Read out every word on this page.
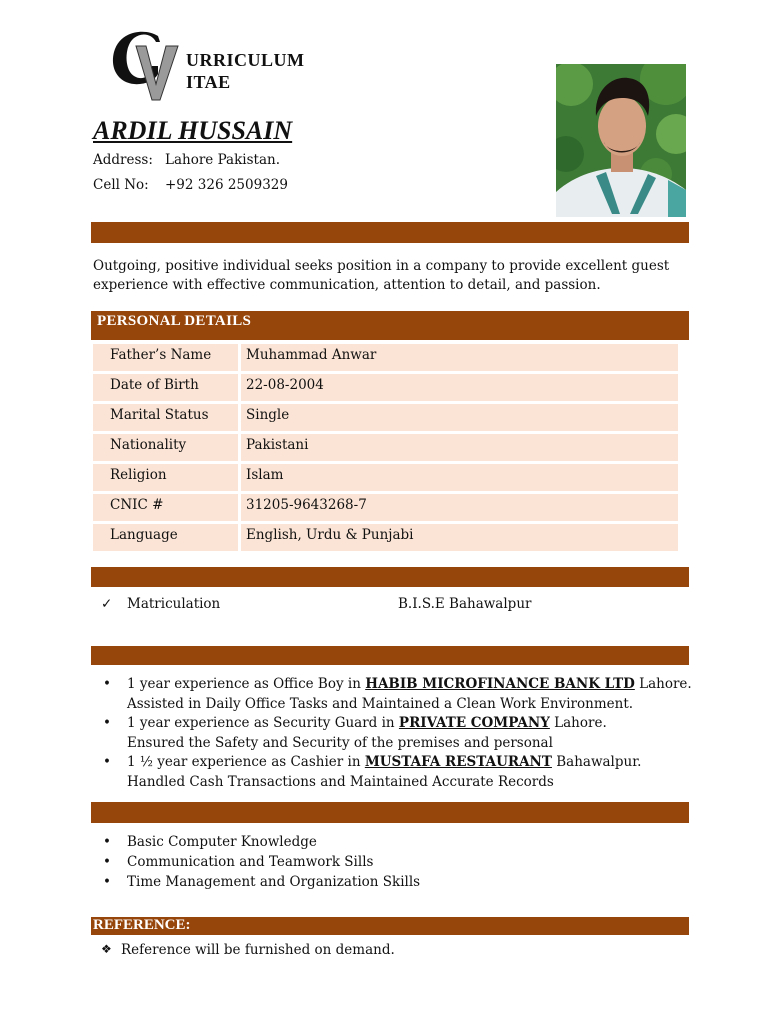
URRICULUM
ITAE
ARDIL HUSSAIN
Address: Lahore Pakistan.
Cell No: +92 326 2509329
Outgoing, positive individual seeks position in a company to provide excellent guest experience with effective communication, attention to detail, and passion.
PERSONAL DETAILS
Father’s Name	Muhammad Anwar
Date of Birth	22-08-2004
Marital Status	Single
Nationality	Pakistani
Religion	Islam
CNIC #	31205-9643268-7
Language	English, Urdu & Punjabi
✓ Matriculation	B.I.S.E Bahawalpur
• 1 year experience as Office Boy in HABIB MICROFINANCE BANK LTD Lahore.
Assisted in Daily Office Tasks and Maintained a Clean Work Environment.
• 1 year experience as Security Guard in PRIVATE COMPANY Lahore.
Ensured the Safety and Security of the premises and personal
• 1 ½ year experience as Cashier in MUSTAFA RESTAURANT Bahawalpur.
Handled Cash Transactions and Maintained Accurate Records
• Basic Computer Knowledge
• Communication and Teamwork Sills
• Time Management and Organization Skills
REFERENCE:
❖ Reference will be furnished on demand.
